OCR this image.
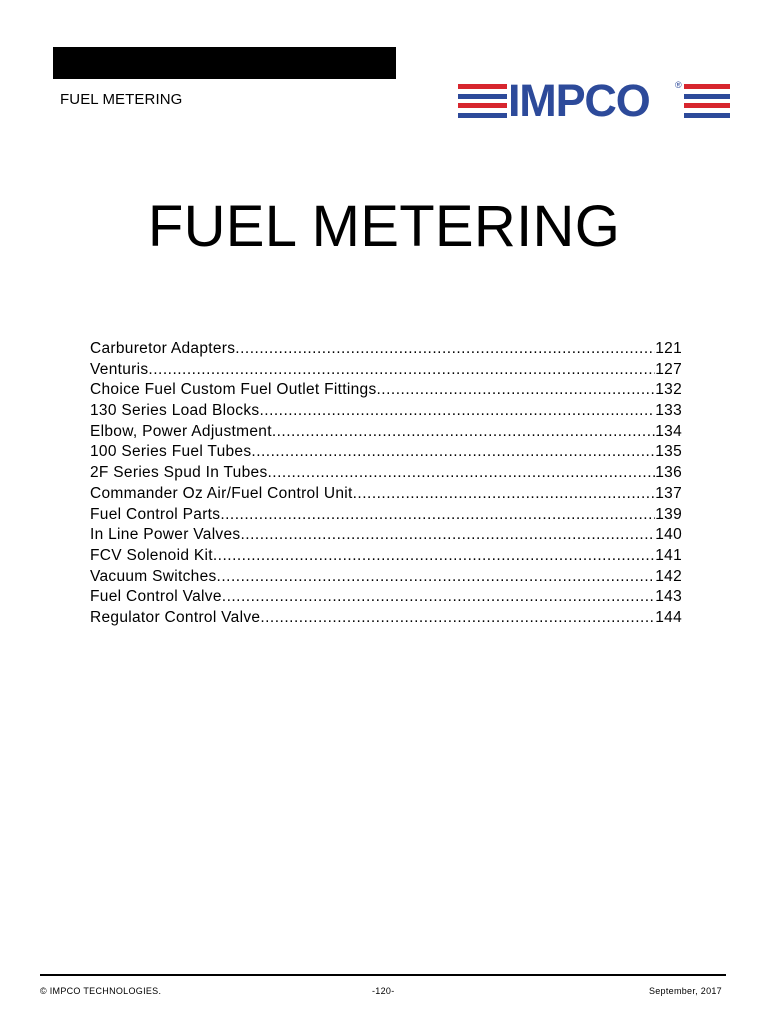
FUEL METERING	IMPCO	®
FUEL METERING
Carburetor Adapters .....	121
Venturis .....	127
Choice Fuel Custom Fuel Outlet Fittings .....	132
130 Series Load Blocks .....	133
Elbow, Power Adjustment .....	134
100 Series Fuel Tubes .....	135
2F Series Spud In Tubes .....	136
Commander Oz Air/Fuel Control Unit .....	137
Fuel Control Parts .....	139
In Line Power Valves .....	140
FCV Solenoid Kit .....	141
Vacuum Switches .....	142
Fuel Control Valve .....	143
Regulator Control Valve .....	144
© IMPCO TECHNOLOGIES.	-120-	September, 2017
